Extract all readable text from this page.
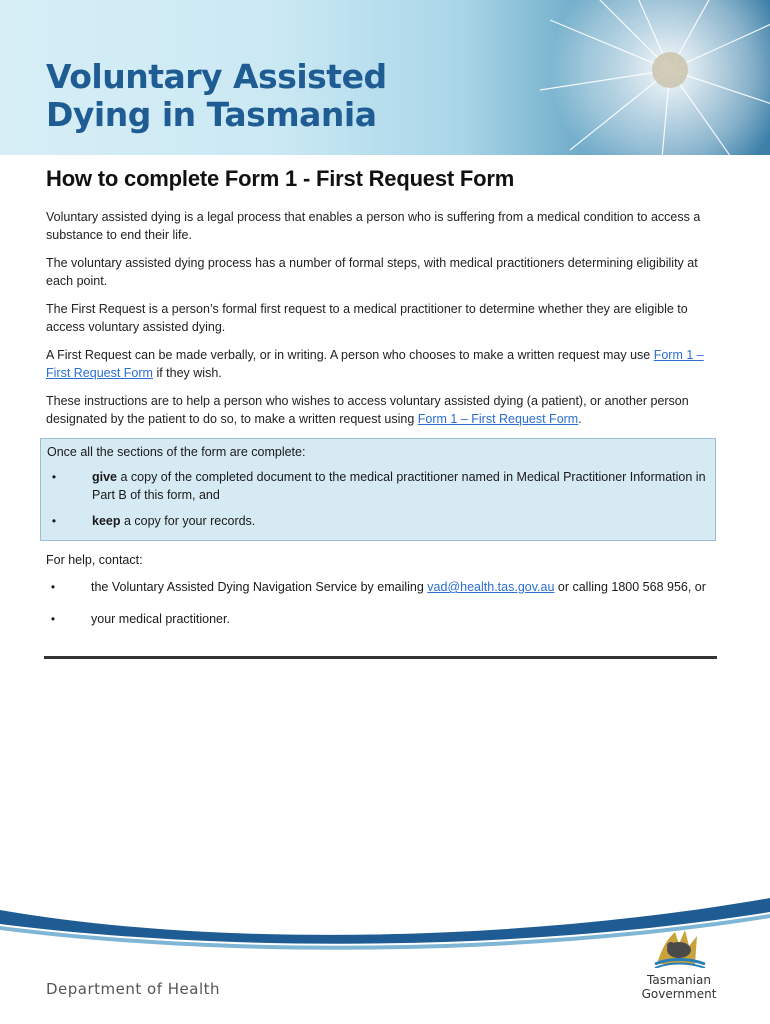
Voluntary Assisted
Dying in Tasmania
How to complete Form 1 - First Request Form

Voluntary assisted dying is a legal process that enables a person who is suffering from a medical condition to access a substance to end their life.

The voluntary assisted dying process has a number of formal steps, with medical practitioners determining eligibility at each point.

The First Request is a person’s formal first request to a medical practitioner to determine whether they are eligible to access voluntary assisted dying.

A First Request can be made verbally, or in writing. A person who chooses to make a written request may use Form 1 – First Request Form if they wish.

These instructions are to help a person who wishes to access voluntary assisted dying (a patient), or another person designated by the patient to do so, to make a written request using Form 1 – First Request Form.

Once all the sections of the form are complete:

•	give a copy of the completed document to the medical practitioner named in Medical Practitioner Information in Part B of this form, and
•	keep a copy for your records.

For help, contact:

•	the Voluntary Assisted Dying Navigation Service by emailing vad@health.tas.gov.au or calling 1800 568 956, or
•	your medical practitioner.

Department of Health	Tasmanian
Government
